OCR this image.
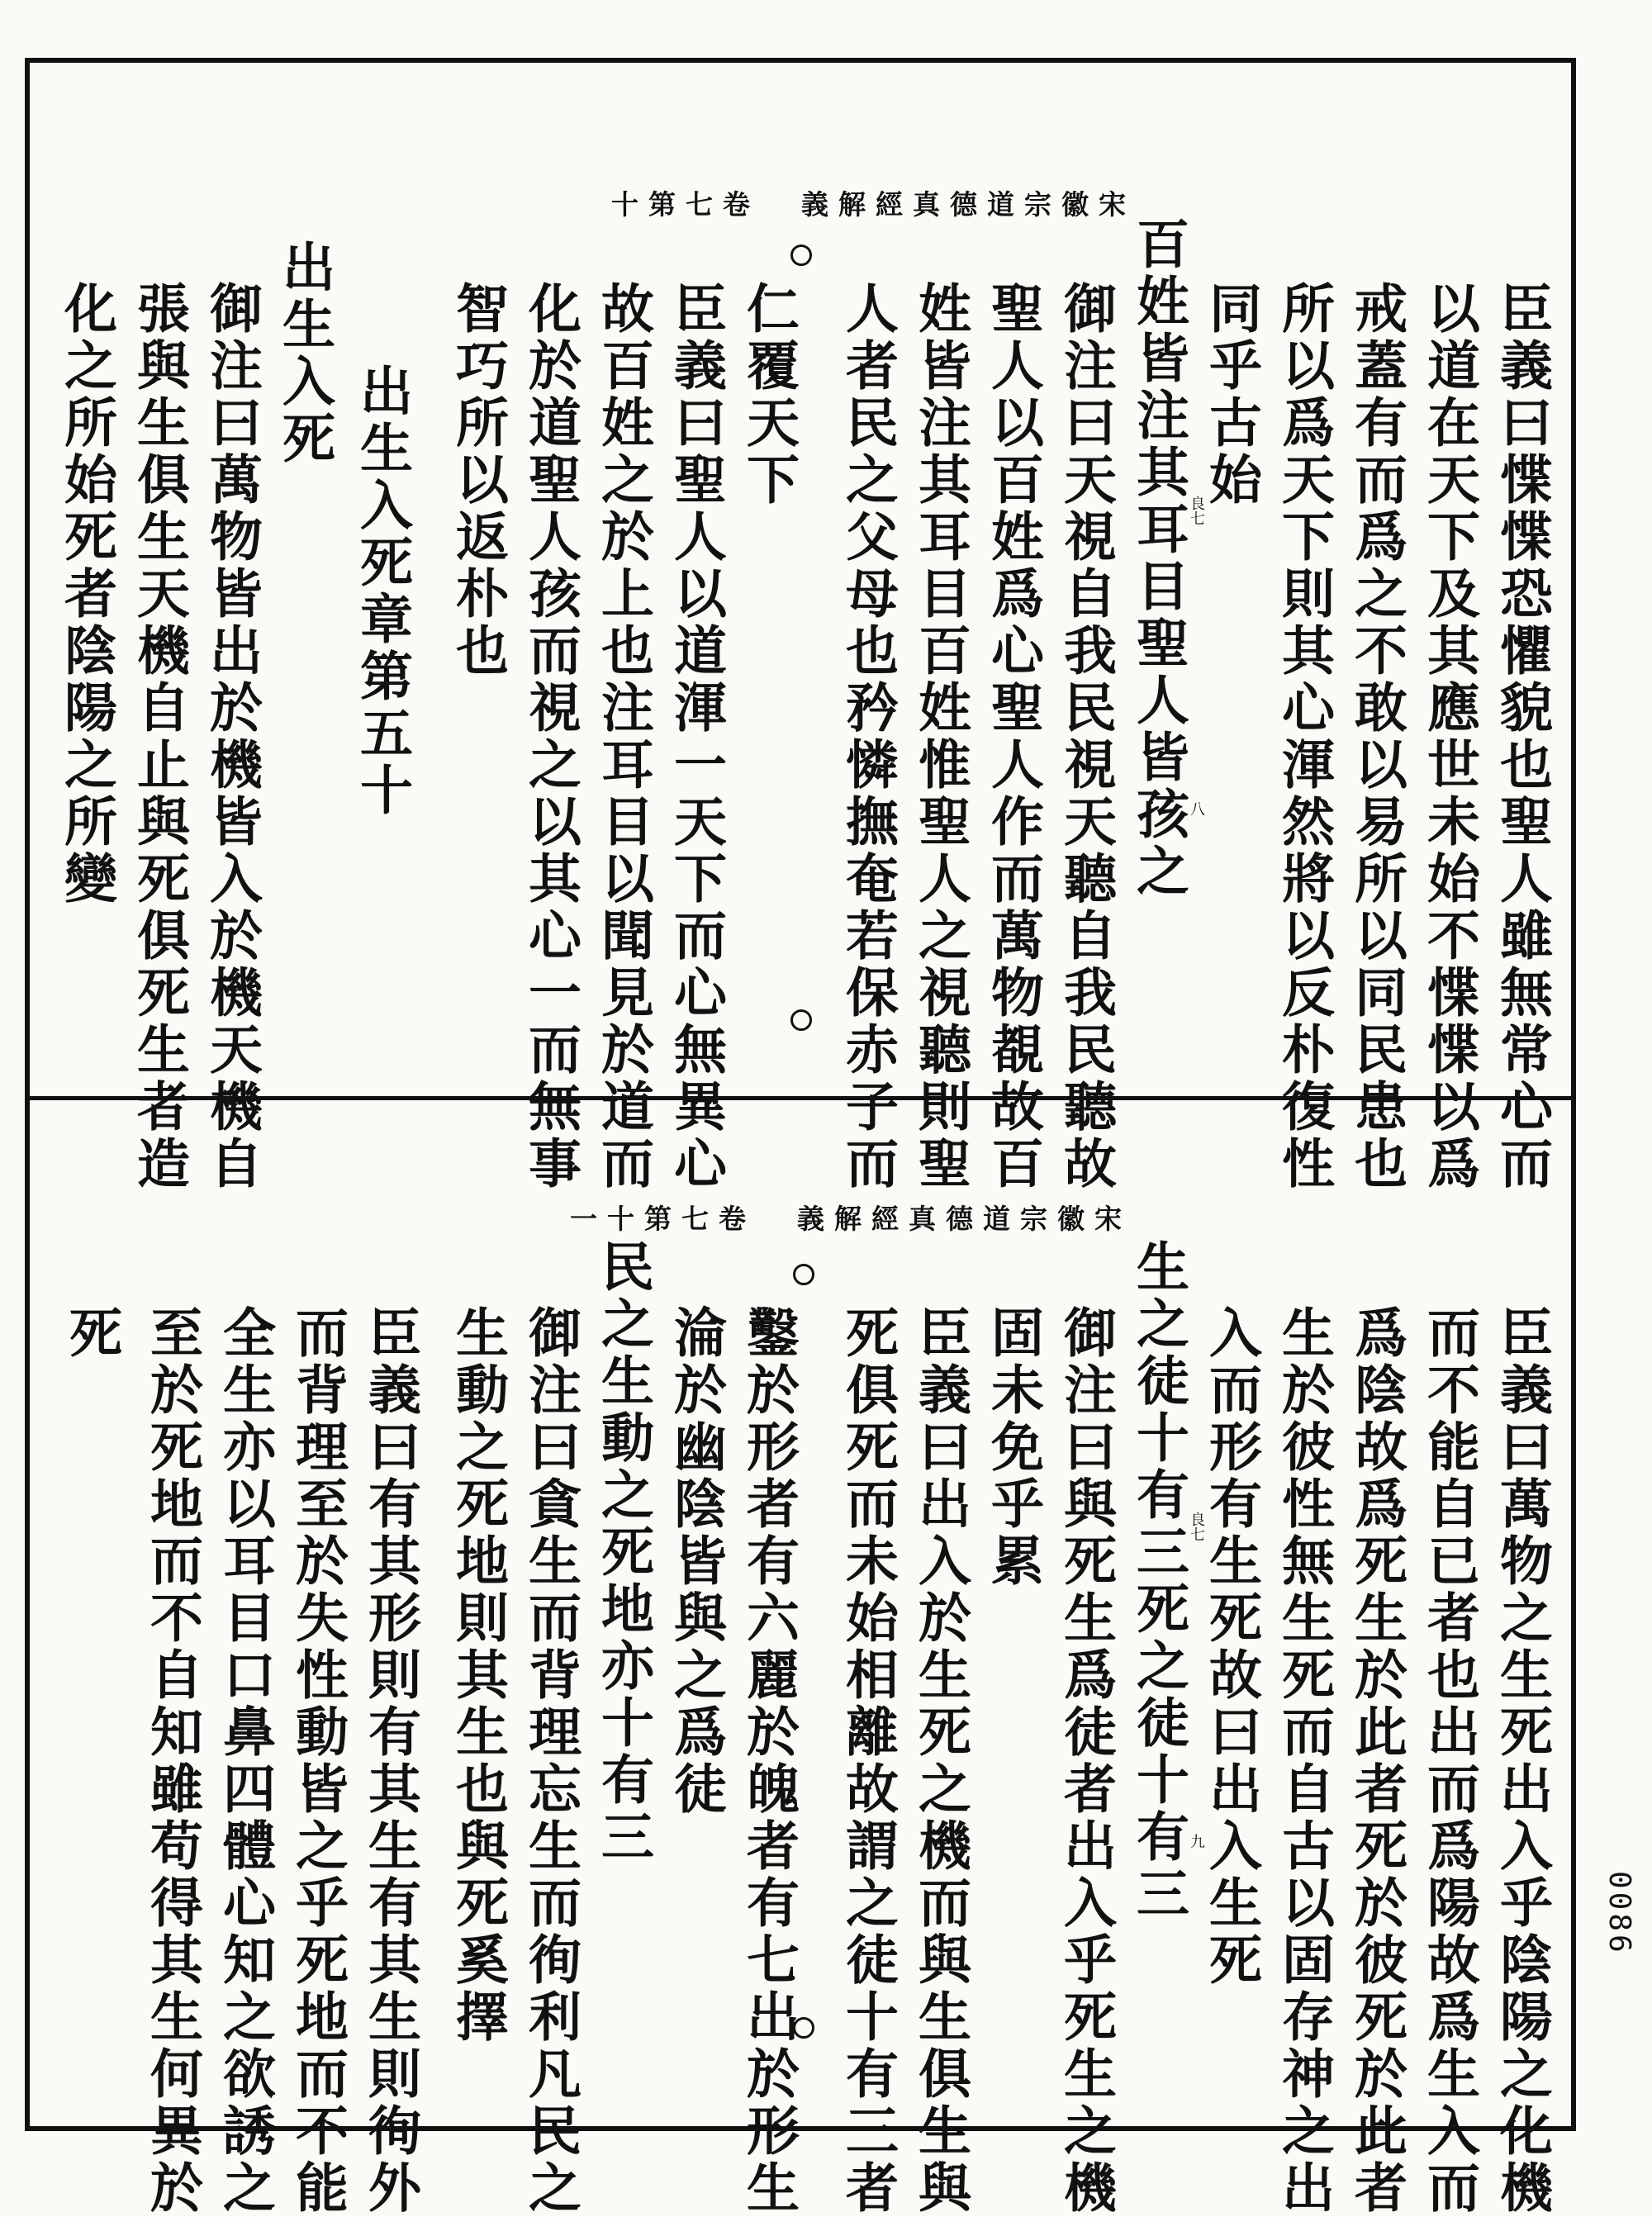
十第七卷 義解經真德道宗徽宋
臣義曰惵惵恐懼貌也聖人雖無常心而
以道在天下及其應世未始不惵惵以爲
戒蓋有而爲之不敢以易所以同民患也
所以爲天下則其心渾然將以反朴復性
同乎古始
百姓皆注其耳目聖人皆孩之
御注曰天視自我民視天聽自我民聽故
聖人以百姓爲心聖人作而萬物覩故百
姓皆注其耳目百姓惟聖人之視聽則聖
人者民之父母也矜憐撫奄若保赤子而
仁覆天下
臣義曰聖人以道渾一天下而心無異心
故百姓之於上也注耳目以聞見於道而
化於道聖人孩而視之以其心一而無事
智巧所以返朴也
出生入死章第五十
出生入死
御注曰萬物皆出於機皆入於機天機自
張與生俱生天機自止與死俱死生者造
化之所始死者陰陽之所變	良七
八
一十第七卷 義解經真德道宗徽宋
臣義曰萬物之生死出入乎陰陽之化機
而不能自已者也出而爲陽故爲生入而
爲陰故爲死生於此者死於彼死於此者
生於彼性無生死而自古以固存神之出
入而形有生死故曰出入生死
生之徒十有三死之徒十有三
御注曰與死生爲徒者出入乎死生之機
固未免乎累
臣義曰出入於生死之機而與生俱生與
死俱死而未始相離故謂之徒十有三者
鑿於形者有六麗於魄者有七出於形生
淪於幽陰皆與之爲徒
民之生動之死地亦十有三
御注曰貪生而背理忘生而徇利凡民之
生動之死地則其生也與死奚擇
臣義曰有其形則有其生有其生則徇外
而背理至於失性動皆之乎死地而不能
全生亦以耳目口鼻四體心知之欲誘之
至於死地而不自知雖苟得其生何異於
死
良七
九
0086
